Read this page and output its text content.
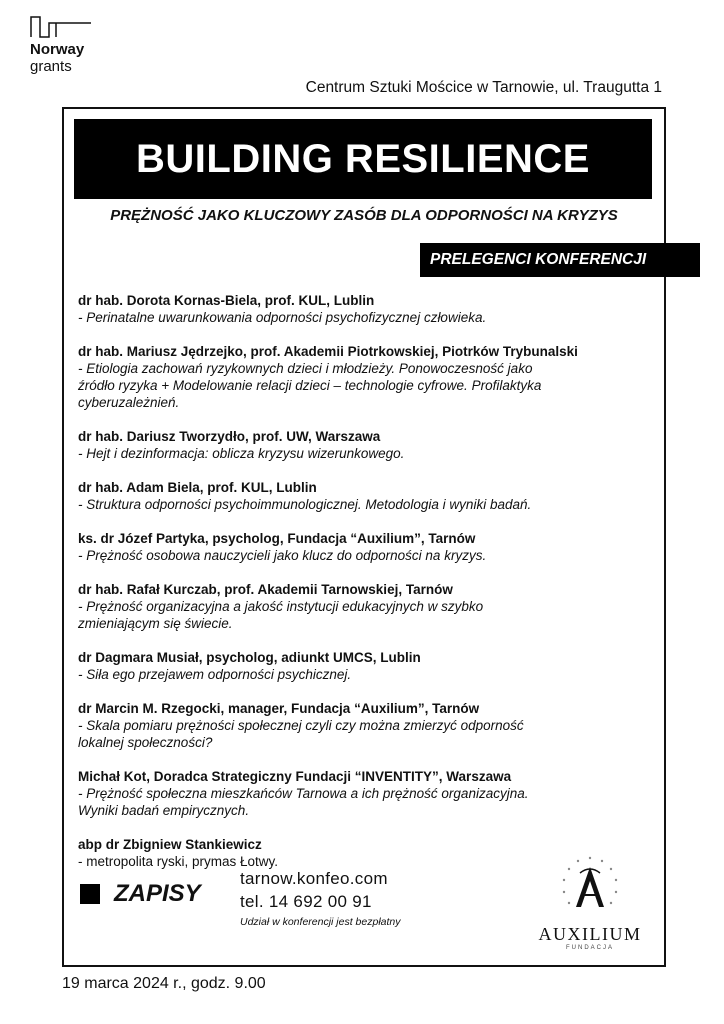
Norway
grants
Centrum Sztuki Mościce w Tarnowie, ul. Traugutta 1
BUILDING RESILIENCE
PRĘŻNOŚĆ JAKO KLUCZOWY ZASÓB DLA ODPORNOŚCI NA KRYZYS
PRELEGENCI KONFERENCJI
dr hab. Dorota Kornas-Biela, prof. KUL, Lublin
- Perinatalne uwarunkowania odporności psychofizycznej człowieka.
dr hab. Mariusz Jędrzejko, prof. Akademii Piotrkowskiej, Piotrków Trybunalski
- Etiologia zachowań ryzykownych dzieci i młodzieży. Ponowoczesność jako
źródło ryzyka + Modelowanie relacji dzieci – technologie cyfrowe. Profilaktyka
cyberuzależnień.
dr hab. Dariusz Tworzydło, prof. UW, Warszawa
- Hejt i dezinformacja: oblicza kryzysu wizerunkowego.
dr hab. Adam Biela, prof. KUL, Lublin
- Struktura odporności psychoimmunologicznej. Metodologia i wyniki badań.
ks. dr Józef Partyka, psycholog, Fundacja “Auxilium”, Tarnów
- Prężność osobowa nauczycieli jako klucz do odporności na kryzys.
dr hab. Rafał Kurczab, prof. Akademii Tarnowskiej, Tarnów
- Prężność organizacyjna a jakość instytucji edukacyjnych w szybko
zmieniającym się świecie.
dr Dagmara Musiał, psycholog, adiunkt UMCS, Lublin
- Siła ego przejawem odporności psychicznej.
dr Marcin M. Rzegocki, manager, Fundacja “Auxilium”, Tarnów
- Skala pomiaru prężności społecznej czyli czy można zmierzyć odporność
lokalnej społeczności?
Michał Kot, Doradca Strategiczny Fundacji “INVENTITY”, Warszawa
- Prężność społeczna mieszkańców Tarnowa a ich prężność organizacyjna.
Wyniki badań empirycznych.
abp dr Zbigniew Stankiewicz
- metropolita ryski, prymas Łotwy.
ZAPISY
tarnow.konfeo.com
tel. 14 692 00 91
Udział w konferencji jest bezpłatny
AUXILIUM
FUNDACJA
19 marca 2024 r., godz. 9.00
